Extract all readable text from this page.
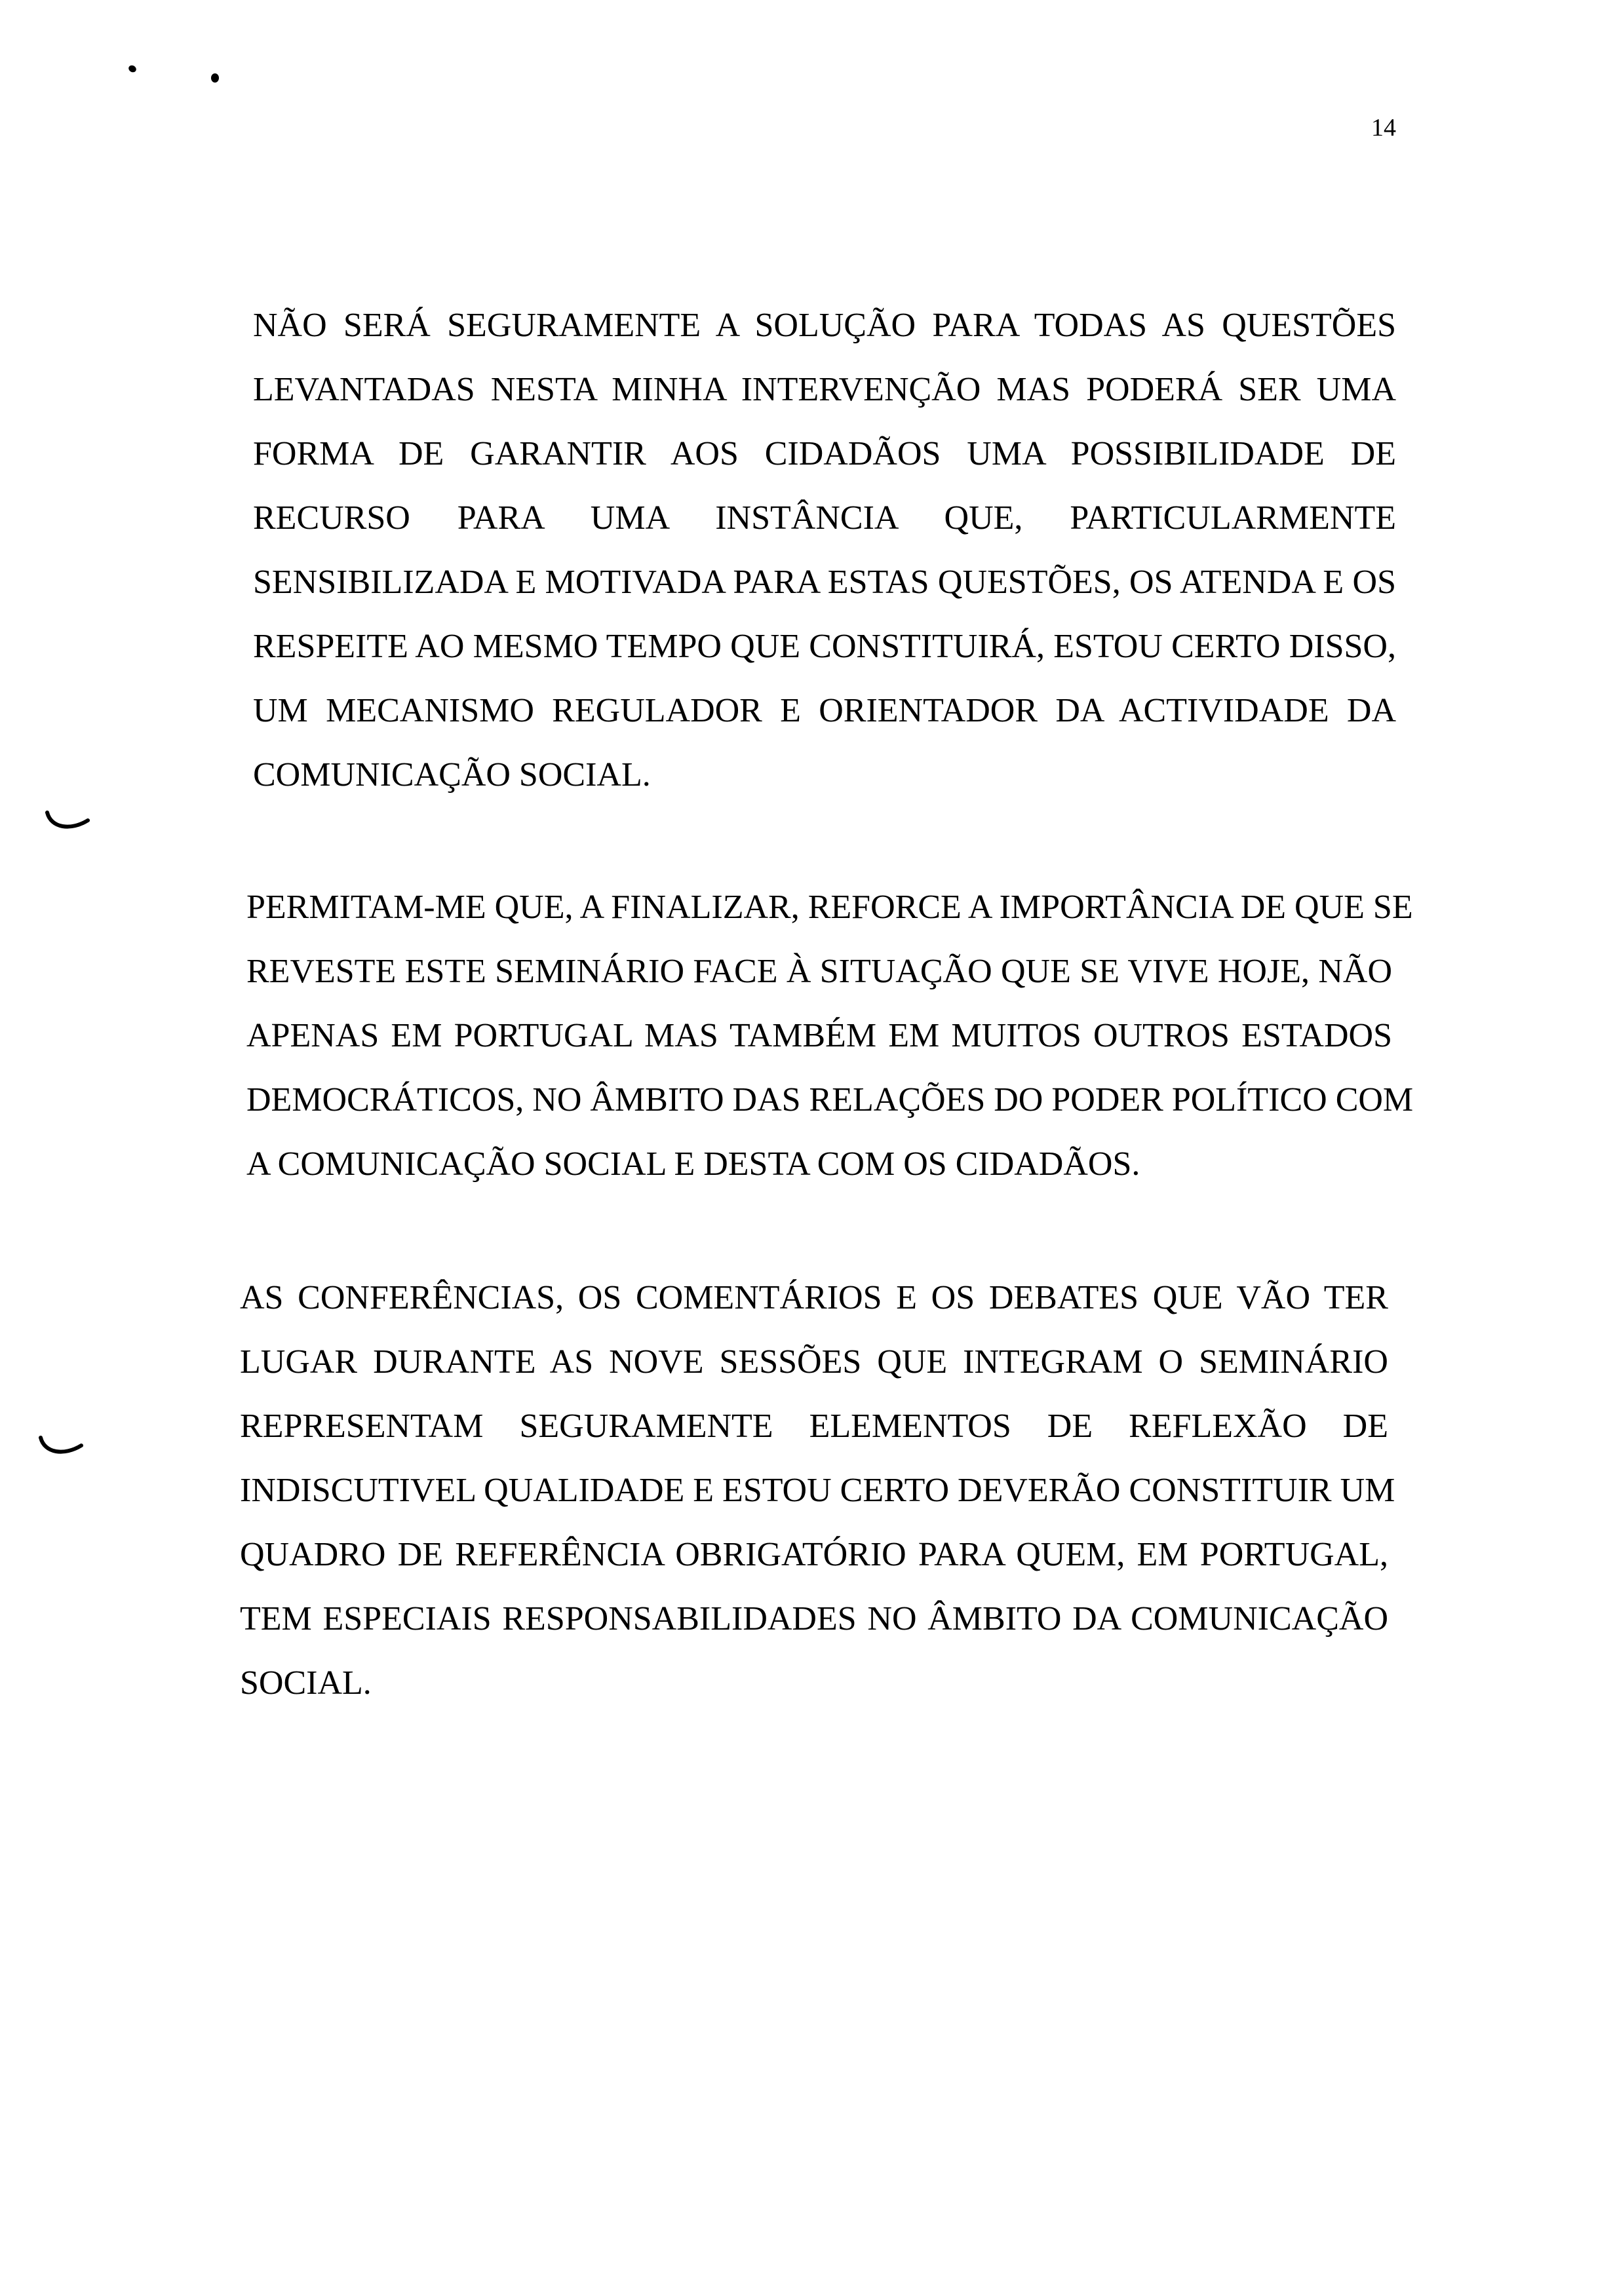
14

NÃO SERÁ SEGURAMENTE A SOLUÇÃO PARA TODAS AS QUESTÕES
LEVANTADAS NESTA MINHA INTERVENÇÃO MAS PODERÁ SER UMA
FORMA DE GARANTIR AOS CIDADÃOS UMA POSSIBILIDADE DE
RECURSO PARA UMA INSTÂNCIA QUE, PARTICULARMENTE
SENSIBILIZADA E MOTIVADA PARA ESTAS QUESTÕES, OS ATENDA E OS
RESPEITE AO MESMO TEMPO QUE CONSTITUIRÁ, ESTOU CERTO DISSO,
UM MECANISMO REGULADOR E ORIENTADOR DA ACTIVIDADE DA
COMUNICAÇÃO SOCIAL.

PERMITAM-ME QUE, A FINALIZAR, REFORCE A IMPORTÂNCIA DE QUE SE
REVESTE ESTE SEMINÁRIO FACE À SITUAÇÃO QUE SE VIVE HOJE, NÃO
APENAS EM PORTUGAL MAS TAMBÉM EM MUITOS OUTROS ESTADOS
DEMOCRÁTICOS, NO ÂMBITO DAS RELAÇÕES DO PODER POLÍTICO COM
A COMUNICAÇÃO SOCIAL E DESTA COM OS CIDADÃOS.

AS CONFERÊNCIAS, OS COMENTÁRIOS E OS DEBATES QUE VÃO TER
LUGAR DURANTE AS NOVE SESSÕES QUE INTEGRAM O SEMINÁRIO
REPRESENTAM SEGURAMENTE ELEMENTOS DE REFLEXÃO DE
INDISCUTIVEL QUALIDADE E ESTOU CERTO DEVERÃO CONSTITUIR UM
QUADRO DE REFERÊNCIA OBRIGATÓRIO PARA QUEM, EM PORTUGAL,
TEM ESPECIAIS RESPONSABILIDADES NO ÂMBITO DA COMUNICAÇÃO
SOCIAL.
